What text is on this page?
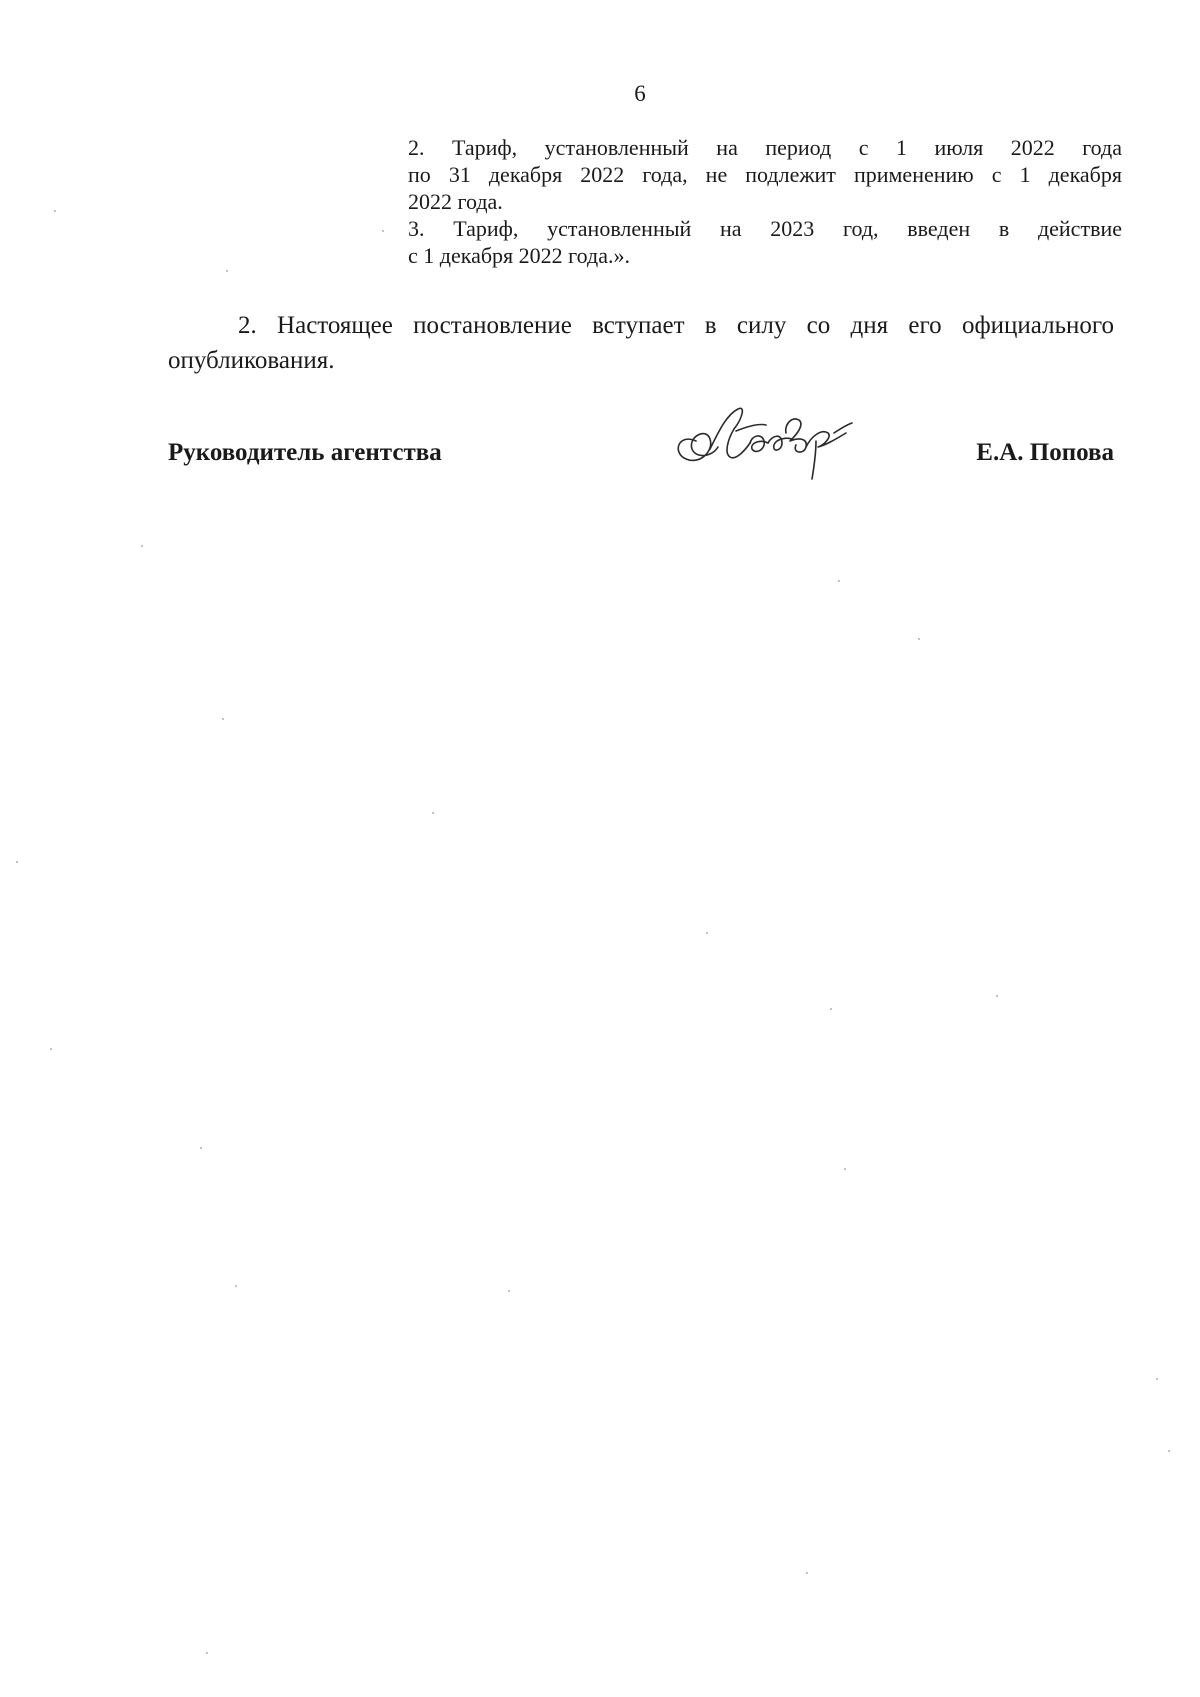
6

2. Тариф, установленный на период с 1 июля 2022 года
по 31 декабря 2022 года, не подлежит применению с 1 декабря
2022 года.

3. Тариф, установленный на 2023 год, введен в действие
с 1 декабря 2022 года.».

2. Настоящее постановление вступает в силу со дня его официального
опубликования.

Руководитель агентства	Е.А. Попова
